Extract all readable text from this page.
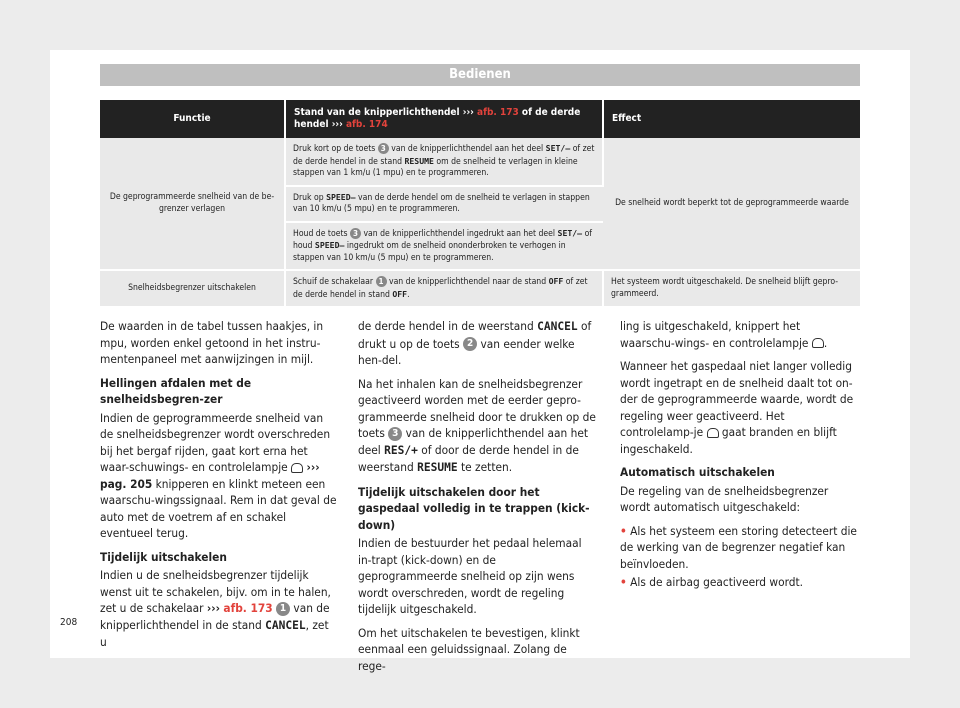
Bedienen
Functie	Stand van de knipperlichthendel ››› afb. 173 of de derde hendel ››› afb. 174	Effect
De geprogrammeerde snelheid van de be-grenzer verlagen	Druk kort op de toets 3 van de knipperlichthendel aan het deel SET/– of zet de derde hendel in de stand RESUME om de snelheid te verlagen in kleine stappen van 1 km/u (1 mpu) en te programmeren.	De snelheid wordt beperkt tot de geprogrammeerde waarde
	Druk op SPEED– van de derde hendel om de snelheid te verlagen in stappen van 10 km/u (5 mpu) en te programmeren.	
	Houd de toets 3 van de knipperlichthendel ingedrukt aan het deel SET/– of houd SPEED– ingedrukt om de snelheid ononderbroken te verhogen in stappen van 10 km/u (5 mpu) en te programmeren.	
Snelheidsbegrenzer uitschakelen	Schuif de schakelaar 1 van de knipperlichthendel naar de stand OFF of zet de derde hendel in stand OFF.	Het systeem wordt uitgeschakeld. De snelheid blijft gepro-grammeerd.

De waarden in de tabel tussen haakjes, in mpu, worden enkel getoond in het instru-mentenpaneel met aanwijzingen in mijl.

Hellingen afdalen met de snelheidsbegren-zer

Indien de geprogrammeerde snelheid van de snelheidsbegrenzer wordt overschreden bij het bergaf rijden, gaat kort erna het waar-schuwings- en controlelampje ››› pag. 205 knipperen en klinkt meteen een waarschu-wingssignaal. Rem in dat geval de auto met de voetrem af en schakel eventueel terug.

Tijdelijk uitschakelen

Indien u de snelheidsbegrenzer tijdelijk wenst uit te schakelen, bijv. om in te halen, zet u de schakelaar ››› afb. 173 1 van de knipperlichthendel in de stand CANCEL, zet u

de derde hendel in de weerstand CANCEL of drukt u op de toets 2 van eender welke hen-del.

Na het inhalen kan de snelheidsbegrenzer geactiveerd worden met de eerder gepro-grammeerde snelheid door te drukken op de toets 3 van de knipperlichthendel aan het deel RES/+ of door de derde hendel in de weerstand RESUME te zetten.

Tijdelijk uitschakelen door het gaspedaal volledig in te trappen (kick-down)

Indien de bestuurder het pedaal helemaal in-trapt (kick-down) en de geprogrammeerde snelheid op zijn wens wordt overschreden, wordt de regeling tijdelijk uitgeschakeld.

Om het uitschakelen te bevestigen, klinkt eenmaal een geluidssignaal. Zolang de rege-

ling is uitgeschakeld, knippert het waarschu-wings- en controlelampje .

Wanneer het gaspedaal niet langer volledig wordt ingetrapt en de snelheid daalt tot on-der de geprogrammeerde waarde, wordt de regeling weer geactiveerd. Het controlelamp-je gaat branden en blijft ingeschakeld.

Automatisch uitschakelen

De regeling van de snelheidsbegrenzer wordt automatisch uitgeschakeld:

• Als het systeem een storing detecteert die de werking van de begrenzer negatief kan beïnvloeden.

• Als de airbag geactiveerd wordt.

208
